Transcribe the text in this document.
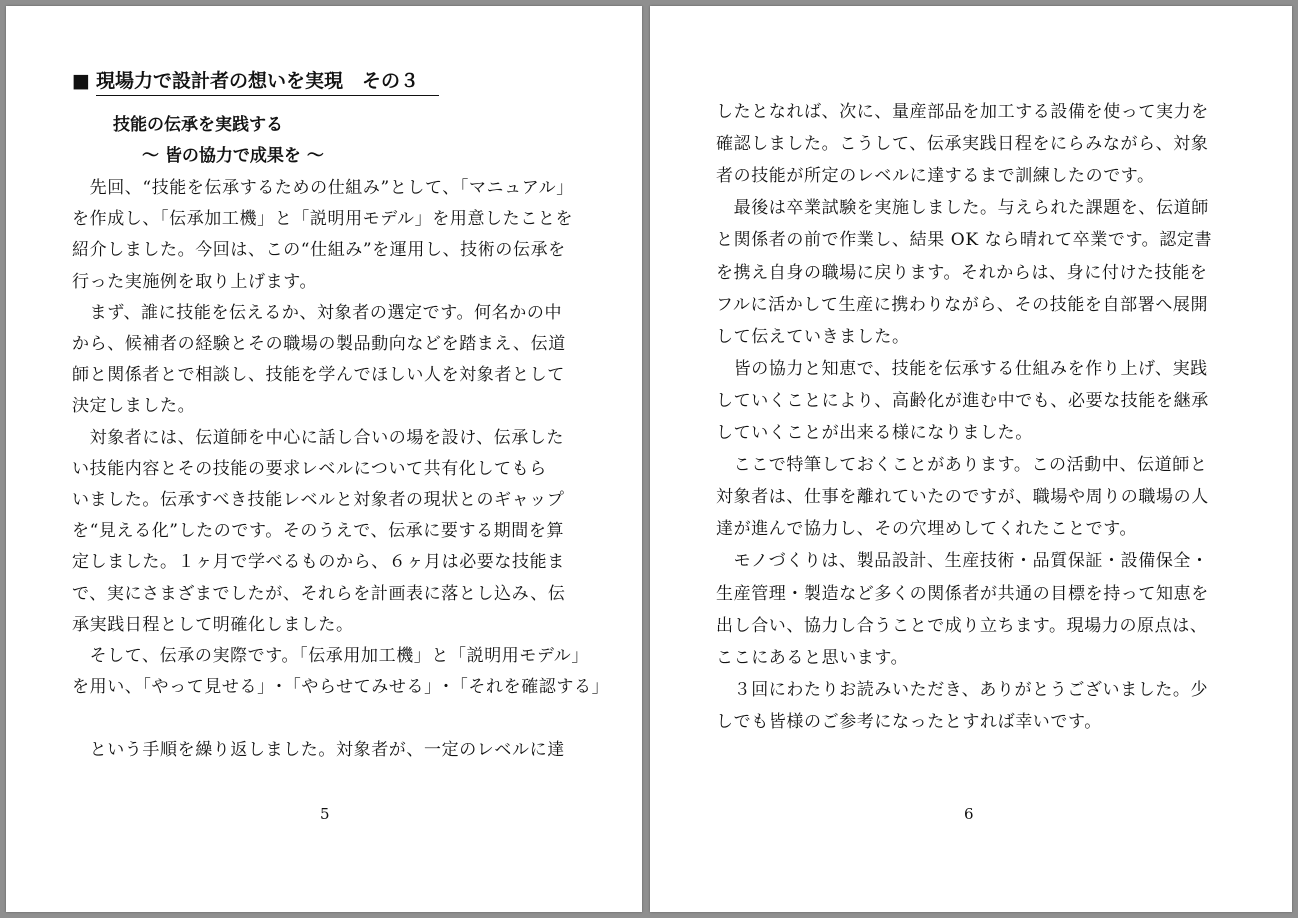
■ 現場力で設計者の想いを実現　その３
技能の伝承を実践する
～ 皆の協力で成果を ～
　先回、“技能を伝承するための仕組み”として、「マニュアル」
を作成し、「伝承加工機」と「説明用モデル」を用意したことを
紹介しました。今回は、この“仕組み”を運用し、技術の伝承を
行った実施例を取り上げます。
　まず、誰に技能を伝えるか、対象者の選定です。何名かの中
から、候補者の経験とその職場の製品動向などを踏まえ、伝道
師と関係者とで相談し、技能を学んでほしい人を対象者として
決定しました。
　対象者には、伝道師を中心に話し合いの場を設け、伝承した
い技能内容とその技能の要求レベルについて共有化してもら
いました。伝承すべき技能レベルと対象者の現状とのギャップ
を“見える化”したのです。そのうえで、伝承に要する期間を算
定しました。１ヶ月で学べるものから、６ヶ月は必要な技能ま
で、実にさまざまでしたが、それらを計画表に落とし込み、伝
承実践日程として明確化しました。
　そして、伝承の実際です。「伝承用加工機」と「説明用モデル」
を用い、「やって見せる」･「やらせてみせる」･「それを確認する」
　という手順を繰り返しました。対象者が、一定のレベルに達
5
したとなれば、次に、量産部品を加工する設備を使って実力を
確認しました。こうして、伝承実践日程をにらみながら、対象
者の技能が所定のレベルに達するまで訓練したのです。
　最後は卒業試験を実施しました。与えられた課題を、伝道師
と関係者の前で作業し、結果 OK なら晴れて卒業です。認定書
を携え自身の職場に戻ります。それからは、身に付けた技能を
フルに活かして生産に携わりながら、その技能を自部署へ展開
して伝えていきました。
　皆の協力と知恵で、技能を伝承する仕組みを作り上げ、実践
していくことにより、高齢化が進む中でも、必要な技能を継承
していくことが出来る様になりました。
　ここで特筆しておくことがあります。この活動中、伝道師と
対象者は、仕事を離れていたのですが、職場や周りの職場の人
達が進んで協力し、その穴埋めしてくれたことです。
　モノづくりは、製品設計、生産技術・品質保証・設備保全・
生産管理・製造など多くの関係者が共通の目標を持って知恵を
出し合い、協力し合うことで成り立ちます。現場力の原点は、
ここにあると思います。
　３回にわたりお読みいただき、ありがとうございました。少
しでも皆様のご参考になったとすれば幸いです。
6
